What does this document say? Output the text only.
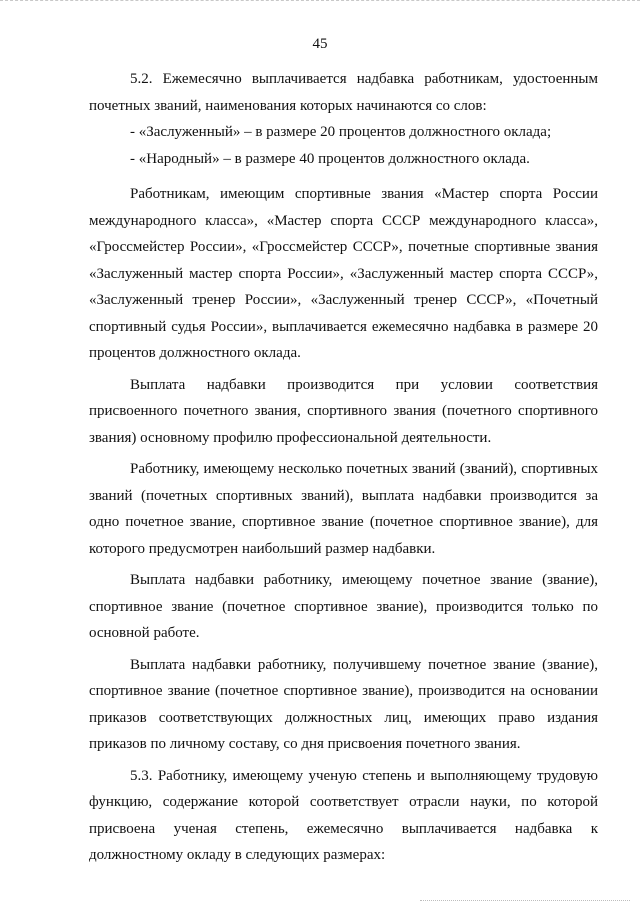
45

5.2. Ежемесячно выплачивается надбавка работникам, удостоенным почетных званий, наименования которых начинаются со слов:

- «Заслуженный» – в размере 20 процентов должностного оклада;

- «Народный» – в размере 40 процентов должностного оклада.

Работникам, имеющим спортивные звания «Мастер спорта России международного класса», «Мастер спорта СССР международного класса», «Гроссмейстер России», «Гроссмейстер СССР», почетные спортивные звания «Заслуженный мастер спорта России», «Заслуженный мастер спорта СССР», «Заслуженный тренер России», «Заслуженный тренер СССР», «Почетный спортивный судья России», выплачивается ежемесячно надбавка в размере 20 процентов должностного оклада.

Выплата надбавки производится при условии соответствия присвоенного почетного звания, спортивного звания (почетного спортивного звания) основному профилю профессиональной деятельности.

Работнику, имеющему несколько почетных званий (званий), спортивных званий (почетных спортивных званий), выплата надбавки производится за одно почетное звание, спортивное звание (почетное спортивное звание), для которого предусмотрен наибольший размер надбавки.

Выплата надбавки работнику, имеющему почетное звание (звание), спортивное звание (почетное спортивное звание), производится только по основной работе.

Выплата надбавки работнику, получившему почетное звание (звание), спортивное звание (почетное спортивное звание), производится на основании приказов соответствующих должностных лиц, имеющих право издания приказов по личному составу, со дня присвоения почетного звания.

5.3. Работнику, имеющему ученую степень и выполняющему трудовую функцию, содержание которой соответствует отрасли науки, по которой присвоена ученая степень, ежемесячно выплачивается надбавка к должностному окладу в следующих размерах:
